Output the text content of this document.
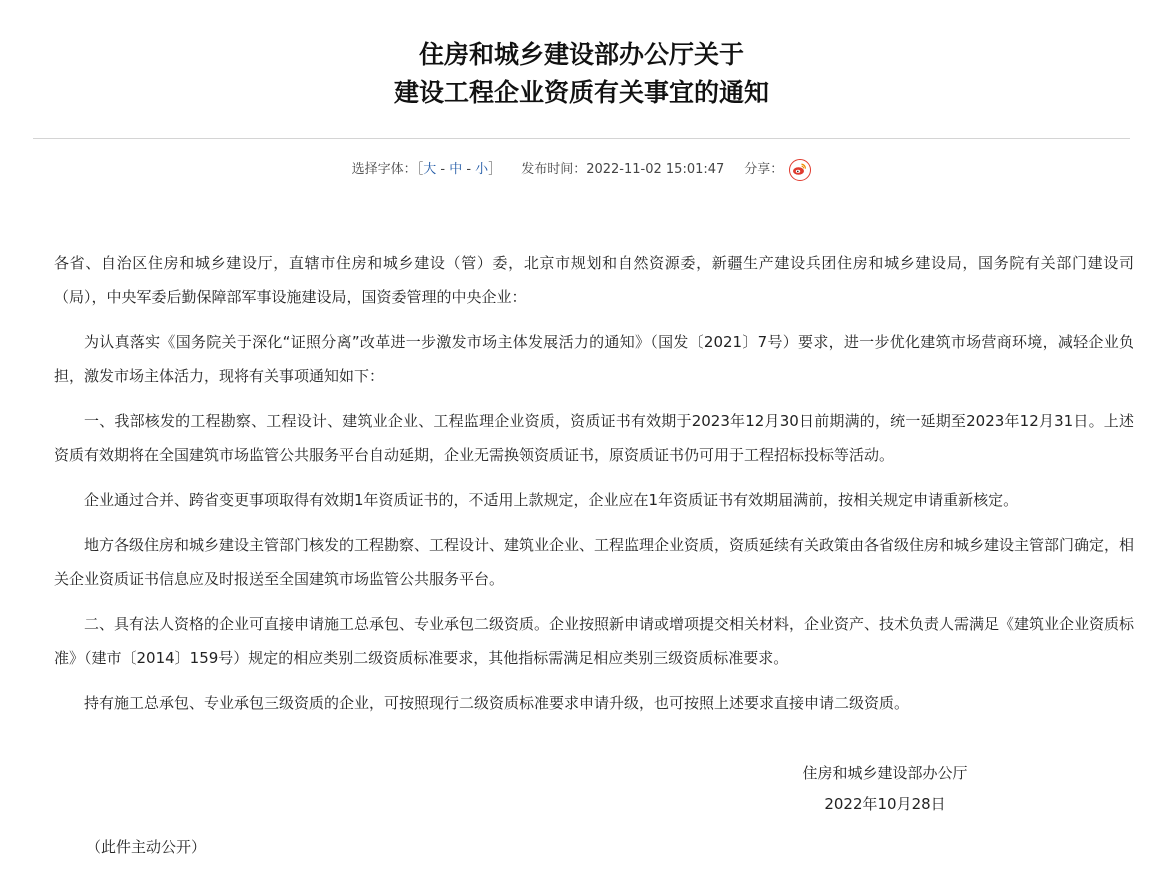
住房和城乡建设部办公厅关于
建设工程企业资质有关事宜的通知
选择字体：［大 - 中 - 小］ 发布时间：2022-11-02 15:01:47 分享：

各省、自治区住房和城乡建设厅，直辖市住房和城乡建设（管）委，北京市规划和自然资源委，新疆生产建设兵团住房和城乡建设局，国务院有关部门建设司（局），中央军委后勤保障部军事设施建设局，国资委管理的中央企业：

为认真落实《国务院关于深化“证照分离”改革进一步激发市场主体发展活力的通知》（国发〔2021〕7号）要求，进一步优化建筑市场营商环境，减轻企业负担，激发市场主体活力，现将有关事项通知如下：

一、我部核发的工程勘察、工程设计、建筑业企业、工程监理企业资质，资质证书有效期于2023年12月30日前期满的，统一延期至2023年12月31日。上述资质有效期将在全国建筑市场监管公共服务平台自动延期，企业无需换领资质证书，原资质证书仍可用于工程招标投标等活动。

企业通过合并、跨省变更事项取得有效期1年资质证书的，不适用上款规定，企业应在1年资质证书有效期届满前，按相关规定申请重新核定。

地方各级住房和城乡建设主管部门核发的工程勘察、工程设计、建筑业企业、工程监理企业资质，资质延续有关政策由各省级住房和城乡建设主管部门确定，相关企业资质证书信息应及时报送至全国建筑市场监管公共服务平台。

二、具有法人资格的企业可直接申请施工总承包、专业承包二级资质。企业按照新申请或增项提交相关材料，企业资产、技术负责人需满足《建筑业企业资质标准》（建市〔2014〕159号）规定的相应类别二级资质标准要求，其他指标需满足相应类别三级资质标准要求。

持有施工总承包、专业承包三级资质的企业，可按照现行二级资质标准要求申请升级，也可按照上述要求直接申请二级资质。

住房和城乡建设部办公厅
2022年10月28日
（此件主动公开）
